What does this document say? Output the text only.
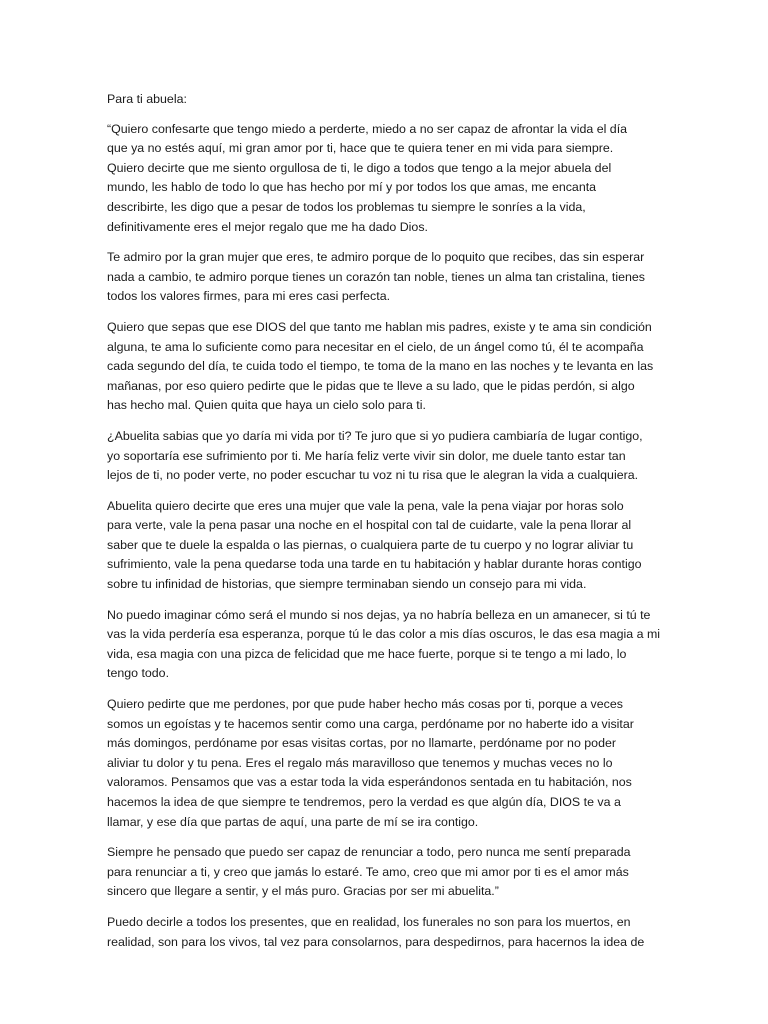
Para ti abuela:

“Quiero confesarte que tengo miedo a perderte, miedo a no ser capaz de afrontar la vida el día
que ya no estés aquí, mi gran amor por ti, hace que te quiera tener en mi vida para siempre.
Quiero decirte que me siento orgullosa de ti, le digo a todos que tengo a la mejor abuela del
mundo, les hablo de todo lo que has hecho por mí y por todos los que amas, me encanta
describirte, les digo que a pesar de todos los problemas tu siempre le sonríes a la vida,
definitivamente eres el mejor regalo que me ha dado Dios.

Te admiro por la gran mujer que eres, te admiro porque de lo poquito que recibes, das sin esperar
nada a cambio, te admiro porque tienes un corazón tan noble, tienes un alma tan cristalina, tienes
todos los valores firmes, para mi eres casi perfecta.

Quiero que sepas que ese DIOS del que tanto me hablan mis padres, existe y te ama sin condición
alguna, te ama lo suficiente como para necesitar en el cielo, de un ángel como tú, él te acompaña
cada segundo del día, te cuida todo el tiempo, te toma de la mano en las noches y te levanta en las
mañanas, por eso quiero pedirte que le pidas que te lleve a su lado, que le pidas perdón, si algo
has hecho mal. Quien quita que haya un cielo solo para ti.

¿Abuelita sabias que yo daría mi vida por ti? Te juro que si yo pudiera cambiaría de lugar contigo,
yo soportaría ese sufrimiento por ti. Me haría feliz verte vivir sin dolor, me duele tanto estar tan
lejos de ti, no poder verte, no poder escuchar tu voz ni tu risa que le alegran la vida a cualquiera.

Abuelita quiero decirte que eres una mujer que vale la pena, vale la pena viajar por horas solo
para verte, vale la pena pasar una noche en el hospital con tal de cuidarte, vale la pena llorar al
saber que te duele la espalda o las piernas, o cualquiera parte de tu cuerpo y no lograr aliviar tu
sufrimiento, vale la pena quedarse toda una tarde en tu habitación y hablar durante horas contigo
sobre tu infinidad de historias, que siempre terminaban siendo un consejo para mi vida.

No puedo imaginar cómo será el mundo si nos dejas, ya no habría belleza en un amanecer, si tú te
vas la vida perdería esa esperanza, porque tú le das color a mis días oscuros, le das esa magia a mi
vida, esa magia con una pizca de felicidad que me hace fuerte, porque si te tengo a mi lado, lo
tengo todo.

Quiero pedirte que me perdones, por que pude haber hecho más cosas por ti, porque a veces
somos un egoístas y te hacemos sentir como una carga, perdóname por no haberte ido a visitar
más domingos, perdóname por esas visitas cortas, por no llamarte, perdóname por no poder
aliviar tu dolor y tu pena. Eres el regalo más maravilloso que tenemos y muchas veces no lo
valoramos. Pensamos que vas a estar toda la vida esperándonos sentada en tu habitación, nos
hacemos la idea de que siempre te tendremos, pero la verdad es que algún día, DIOS te va a
llamar, y ese día que partas de aquí, una parte de mí se ira contigo.

Siempre he pensado que puedo ser capaz de renunciar a todo, pero nunca me sentí preparada
para renunciar a ti, y creo que jamás lo estaré. Te amo, creo que mi amor por ti es el amor más
sincero que llegare a sentir, y el más puro. Gracias por ser mi abuelita.”

Puedo decirle a todos los presentes, que en realidad, los funerales no son para los muertos, en
realidad, son para los vivos, tal vez para consolarnos, para despedirnos, para hacernos la idea de
